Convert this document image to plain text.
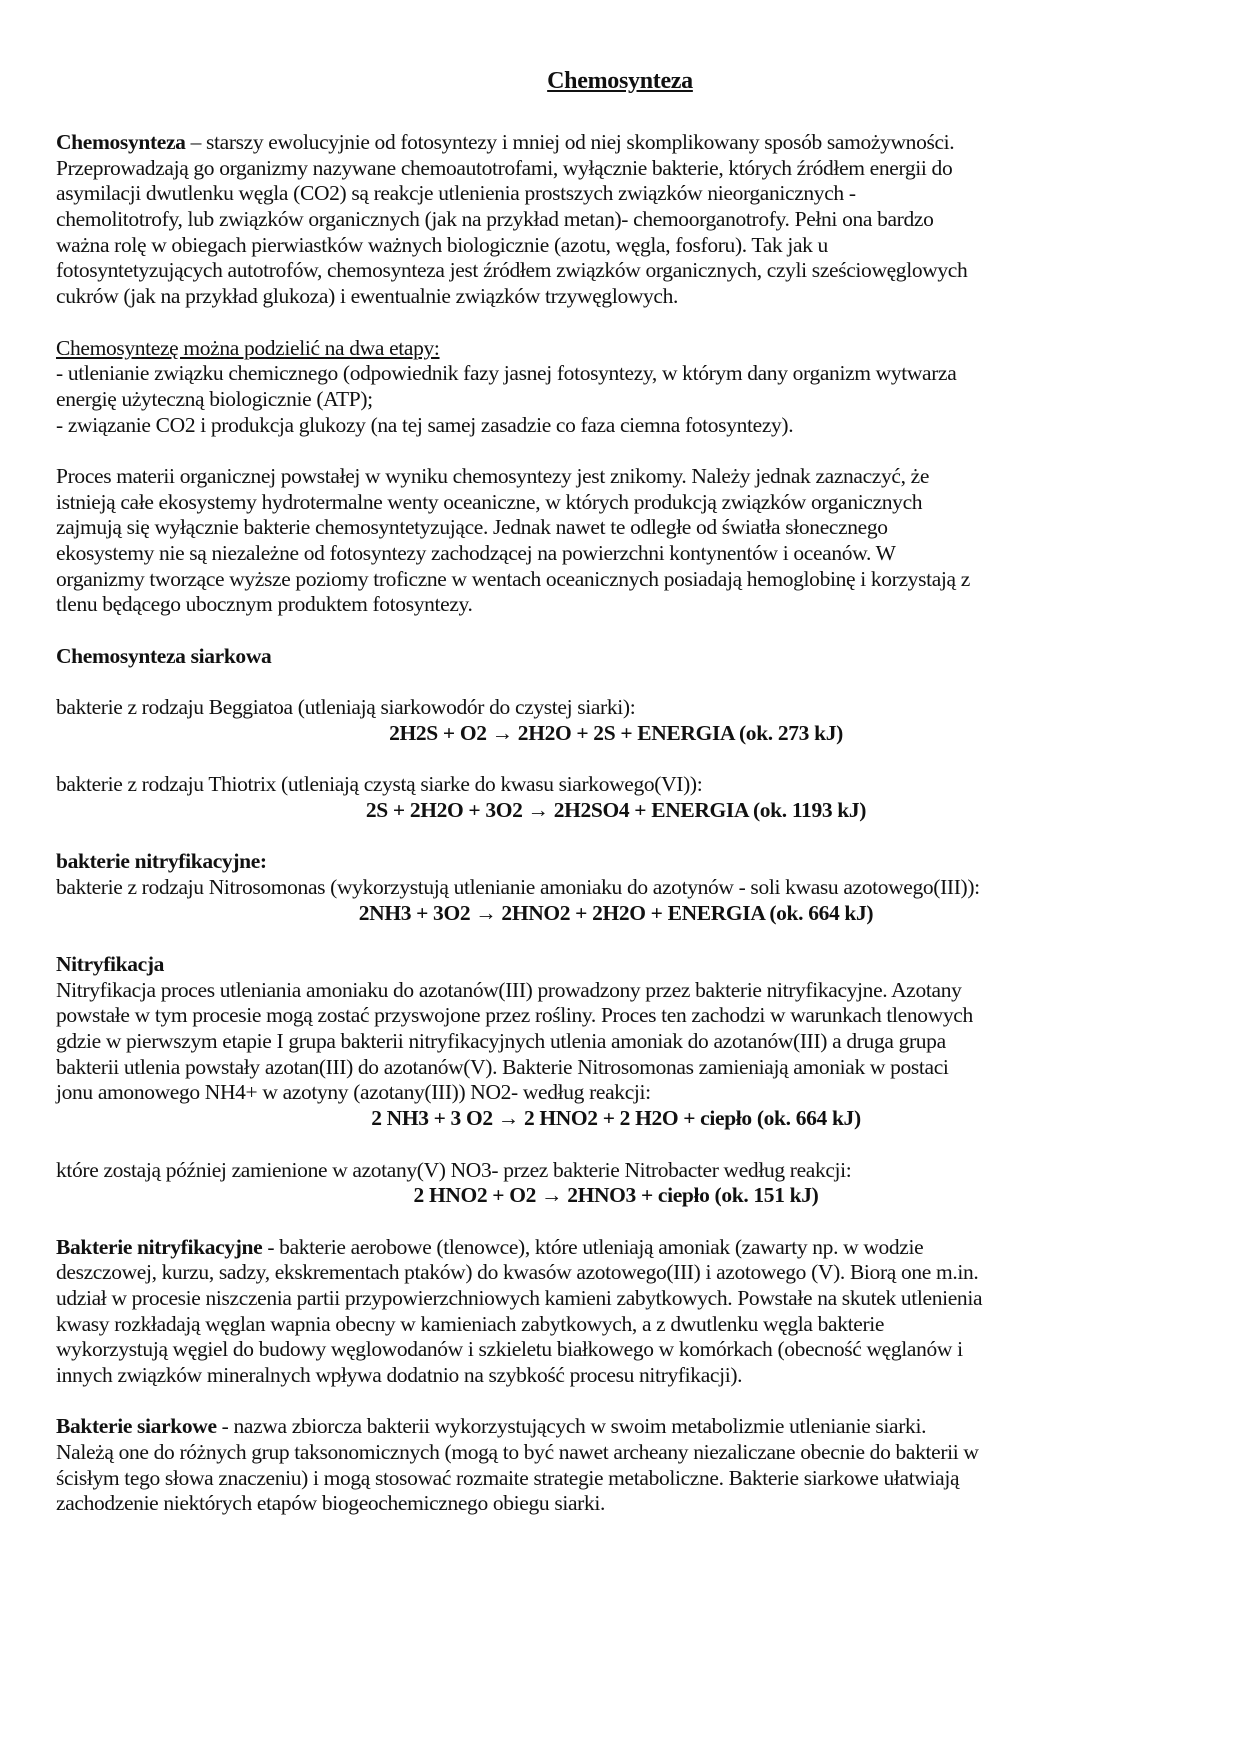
Chemosynteza
Chemosynteza – starszy ewolucyjnie od fotosyntezy i mniej od niej skomplikowany sposób samożywności.
Przeprowadzają go organizmy nazywane chemoautotrofami, wyłącznie bakterie, których źródłem energii do
asymilacji dwutlenku węgla (CO2) są reakcje utlenienia prostszych związków nieorganicznych -
chemolitotrofy, lub związków organicznych (jak na przykład metan)- chemoorganotrofy. Pełni ona bardzo
ważna rolę w obiegach pierwiastków ważnych biologicznie (azotu, węgla, fosforu). Tak jak u
fotosyntetyzujących autotrofów, chemosynteza jest źródłem związków organicznych, czyli sześciowęglowych
cukrów (jak na przykład glukoza) i ewentualnie związków trzywęglowych.
Chemosyntezę można podzielić na dwa etapy:
- utlenianie związku chemicznego (odpowiednik fazy jasnej fotosyntezy, w którym dany organizm wytwarza
energię użyteczną biologicznie (ATP);
- związanie CO2 i produkcja glukozy (na tej samej zasadzie co faza ciemna fotosyntezy).
Proces materii organicznej powstałej w wyniku chemosyntezy jest znikomy. Należy jednak zaznaczyć, że
istnieją całe ekosystemy hydrotermalne wenty oceaniczne, w których produkcją związków organicznych
zajmują się wyłącznie bakterie chemosyntetyzujące. Jednak nawet te odległe od światła słonecznego
ekosystemy nie są niezależne od fotosyntezy zachodzącej na powierzchni kontynentów i oceanów. W
organizmy tworzące wyższe poziomy troficzne w wentach oceanicznych posiadają hemoglobinę i korzystają z
tlenu będącego ubocznym produktem fotosyntezy.
Chemosynteza siarkowa
bakterie z rodzaju Beggiatoa (utleniają siarkowodór do czystej siarki):
2H2S + O2 → 2H2O + 2S + ENERGIA (ok. 273 kJ)
bakterie z rodzaju Thiotrix (utleniają czystą siarke do kwasu siarkowego(VI)):
2S + 2H2O + 3O2 → 2H2SO4 + ENERGIA (ok. 1193 kJ)
bakterie nitryfikacyjne:
bakterie z rodzaju Nitrosomonas (wykorzystują utlenianie amoniaku do azotynów - soli kwasu azotowego(III)):
2NH3 + 3O2 → 2HNO2 + 2H2O + ENERGIA (ok. 664 kJ)
Nitryfikacja
Nitryfikacja proces utleniania amoniaku do azotanów(III) prowadzony przez bakterie nitryfikacyjne. Azotany
powstałe w tym procesie mogą zostać przyswojone przez rośliny. Proces ten zachodzi w warunkach tlenowych
gdzie w pierwszym etapie I grupa bakterii nitryfikacyjnych utlenia amoniak do azotanów(III) a druga grupa
bakterii utlenia powstały azotan(III) do azotanów(V). Bakterie Nitrosomonas zamieniają amoniak w postaci
jonu amonowego NH4+ w azotyny (azotany(III)) NO2- według reakcji:
2 NH3 + 3 O2 → 2 HNO2 + 2 H2O + ciepło (ok. 664 kJ)
które zostają później zamienione w azotany(V) NO3- przez bakterie Nitrobacter według reakcji:
2 HNO2 + O2 → 2HNO3 + ciepło (ok. 151 kJ)
Bakterie nitryfikacyjne - bakterie aerobowe (tlenowce), które utleniają amoniak (zawarty np. w wodzie
deszczowej, kurzu, sadzy, ekskrementach ptaków) do kwasów azotowego(III) i azotowego (V). Biorą one m.in.
udział w procesie niszczenia partii przypowierzchniowych kamieni zabytkowych. Powstałe na skutek utlenienia
kwasy rozkładają węglan wapnia obecny w kamieniach zabytkowych, a z dwutlenku węgla bakterie
wykorzystują węgiel do budowy węglowodanów i szkieletu białkowego w komórkach (obecność węglanów i
innych związków mineralnych wpływa dodatnio na szybkość procesu nitryfikacji).
Bakterie siarkowe - nazwa zbiorcza bakterii wykorzystujących w swoim metabolizmie utlenianie siarki.
Należą one do różnych grup taksonomicznych (mogą to być nawet archeany niezaliczane obecnie do bakterii w
ścisłym tego słowa znaczeniu) i mogą stosować rozmaite strategie metaboliczne. Bakterie siarkowe ułatwiają
zachodzenie niektórych etapów biogeochemicznego obiegu siarki.
